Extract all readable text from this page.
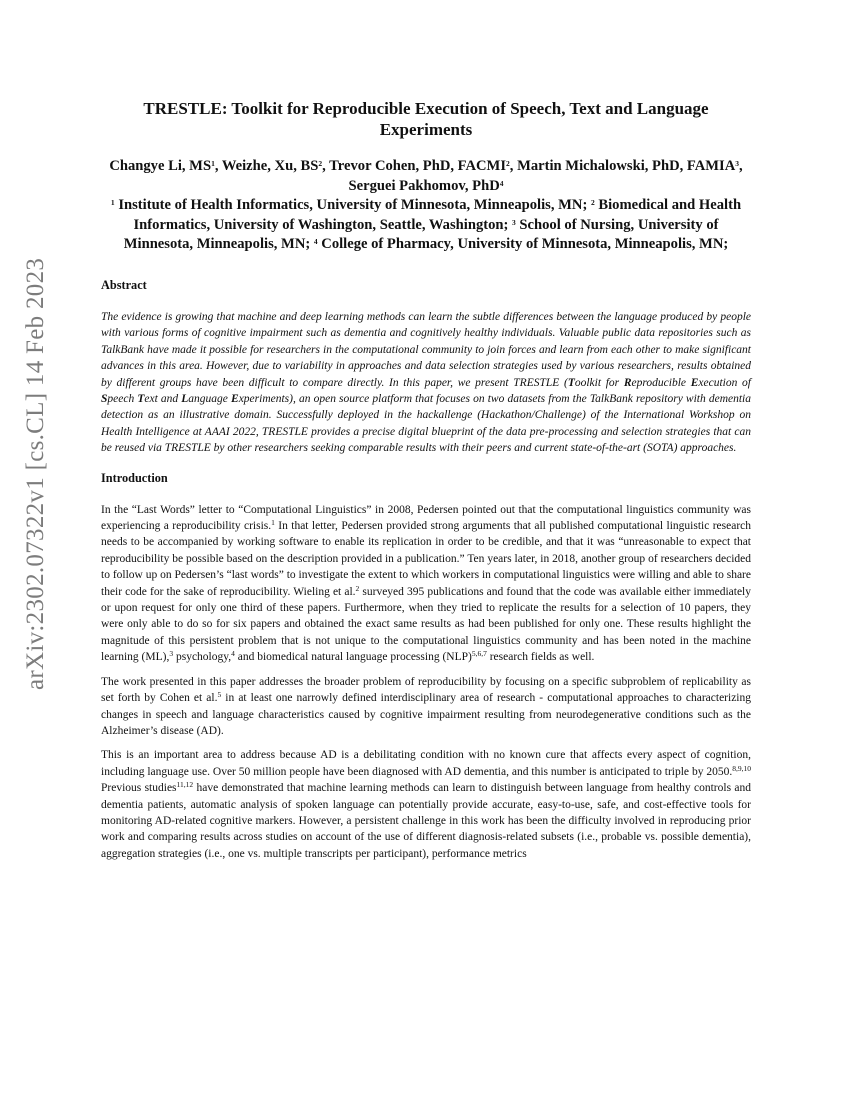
arXiv:2302.07322v1 [cs.CL] 14 Feb 2023
TRESTLE: Toolkit for Reproducible Execution of Speech, Text and Language Experiments
Changye Li, $MS^1$, Weizhe, Xu, $BS^2$, Trevor Cohen, PhD, FACMI$^2$, Martin Michalowski, PhD, FAMIA$^3$, Serguei Pakhomov, PhD$^4$
$^1$ Institute of Health Informatics, University of Minnesota, Minneapolis, MN; $^2$ Biomedical and Health Informatics, University of Washington, Seattle, Washington; $^3$ School of Nursing, University of Minnesota, Minneapolis, MN; $^4$ College of Pharmacy, University of Minnesota, Minneapolis, MN;
Abstract

The evidence is growing that machine and deep learning methods can learn the subtle differences between the language produced by people with various forms of cognitive impairment such as dementia and cognitively healthy individuals. Valuable public data repositories such as TalkBank have made it possible for researchers in the computational community to join forces and learn from each other to make significant advances in this area. However, due to variability in approaches and data selection strategies used by various researchers, results obtained by different groups have been difficult to compare directly. In this paper, we present TRESTLE (Toolkit for Reproducible Execution of Speech Text and Language Experiments), an open source platform that focuses on two datasets from the TalkBank repository with dementia detection as an illustrative domain. Successfully deployed in the hackallenge (Hackathon/Challenge) of the International Workshop on Health Intelligence at AAAI 2022, TRESTLE provides a precise digital blueprint of the data pre-processing and selection strategies that can be reused via TRESTLE by other researchers seeking comparable results with their peers and current state-of-the-art (SOTA) approaches.

Introduction

In the “Last Words” letter to “Computational Linguistics” in 2008, Pedersen pointed out that the computational linguistics community was experiencing a reproducibility crisis.$^1$ In that letter, Pedersen provided strong arguments that all published computational linguistic research needs to be accompanied by working software to enable its replication in order to be credible, and that it was “unreasonable to expect that reproducibility be possible based on the description provided in a publication.” Ten years later, in 2018, another group of researchers decided to follow up on Pedersen’s “last words” to investigate the extent to which workers in computational linguistics were willing and able to share their code for the sake of reproducibility. Wieling et al.$^2$ surveyed 395 publications and found that the code was available either immediately or upon request for only one third of these papers. Furthermore, when they tried to replicate the results for a selection of 10 papers, they were only able to do so for six papers and obtained the exact same results as had been published for only one. These results highlight the magnitude of this persistent problem that is not unique to the computational linguistics community and has been noted in the machine learning (ML),$^3$ psychology,$^4$ and biomedical natural language processing (NLP)$^{5,6,7}$ research fields as well.

The work presented in this paper addresses the broader problem of reproducibility by focusing on a specific subproblem of replicability as set forth by Cohen et al.$^5$ in at least one narrowly defined interdisciplinary area of research - computational approaches to characterizing changes in speech and language characteristics caused by cognitive impairment resulting from neurodegenerative conditions such as the Alzheimer’s disease (AD).

This is an important area to address because AD is a debilitating condition with no known cure that affects every aspect of cognition, including language use. Over 50 million people have been diagnosed with AD dementia, and this number is anticipated to triple by 2050.$^{8,9,10}$ Previous studies$^{11,12}$ have demonstrated that machine learning methods can learn to distinguish between language from healthy controls and dementia patients, automatic analysis of spoken language can potentially provide accurate, easy-to-use, safe, and cost-effective tools for monitoring AD-related cognitive markers. However, a persistent challenge in this work has been the difficulty involved in reproducing prior work and comparing results across studies on account of the use of different diagnosis-related subsets (i.e., probable vs. possible dementia), aggregation strategies (i.e., one vs. multiple transcripts per participant), performance metrics
